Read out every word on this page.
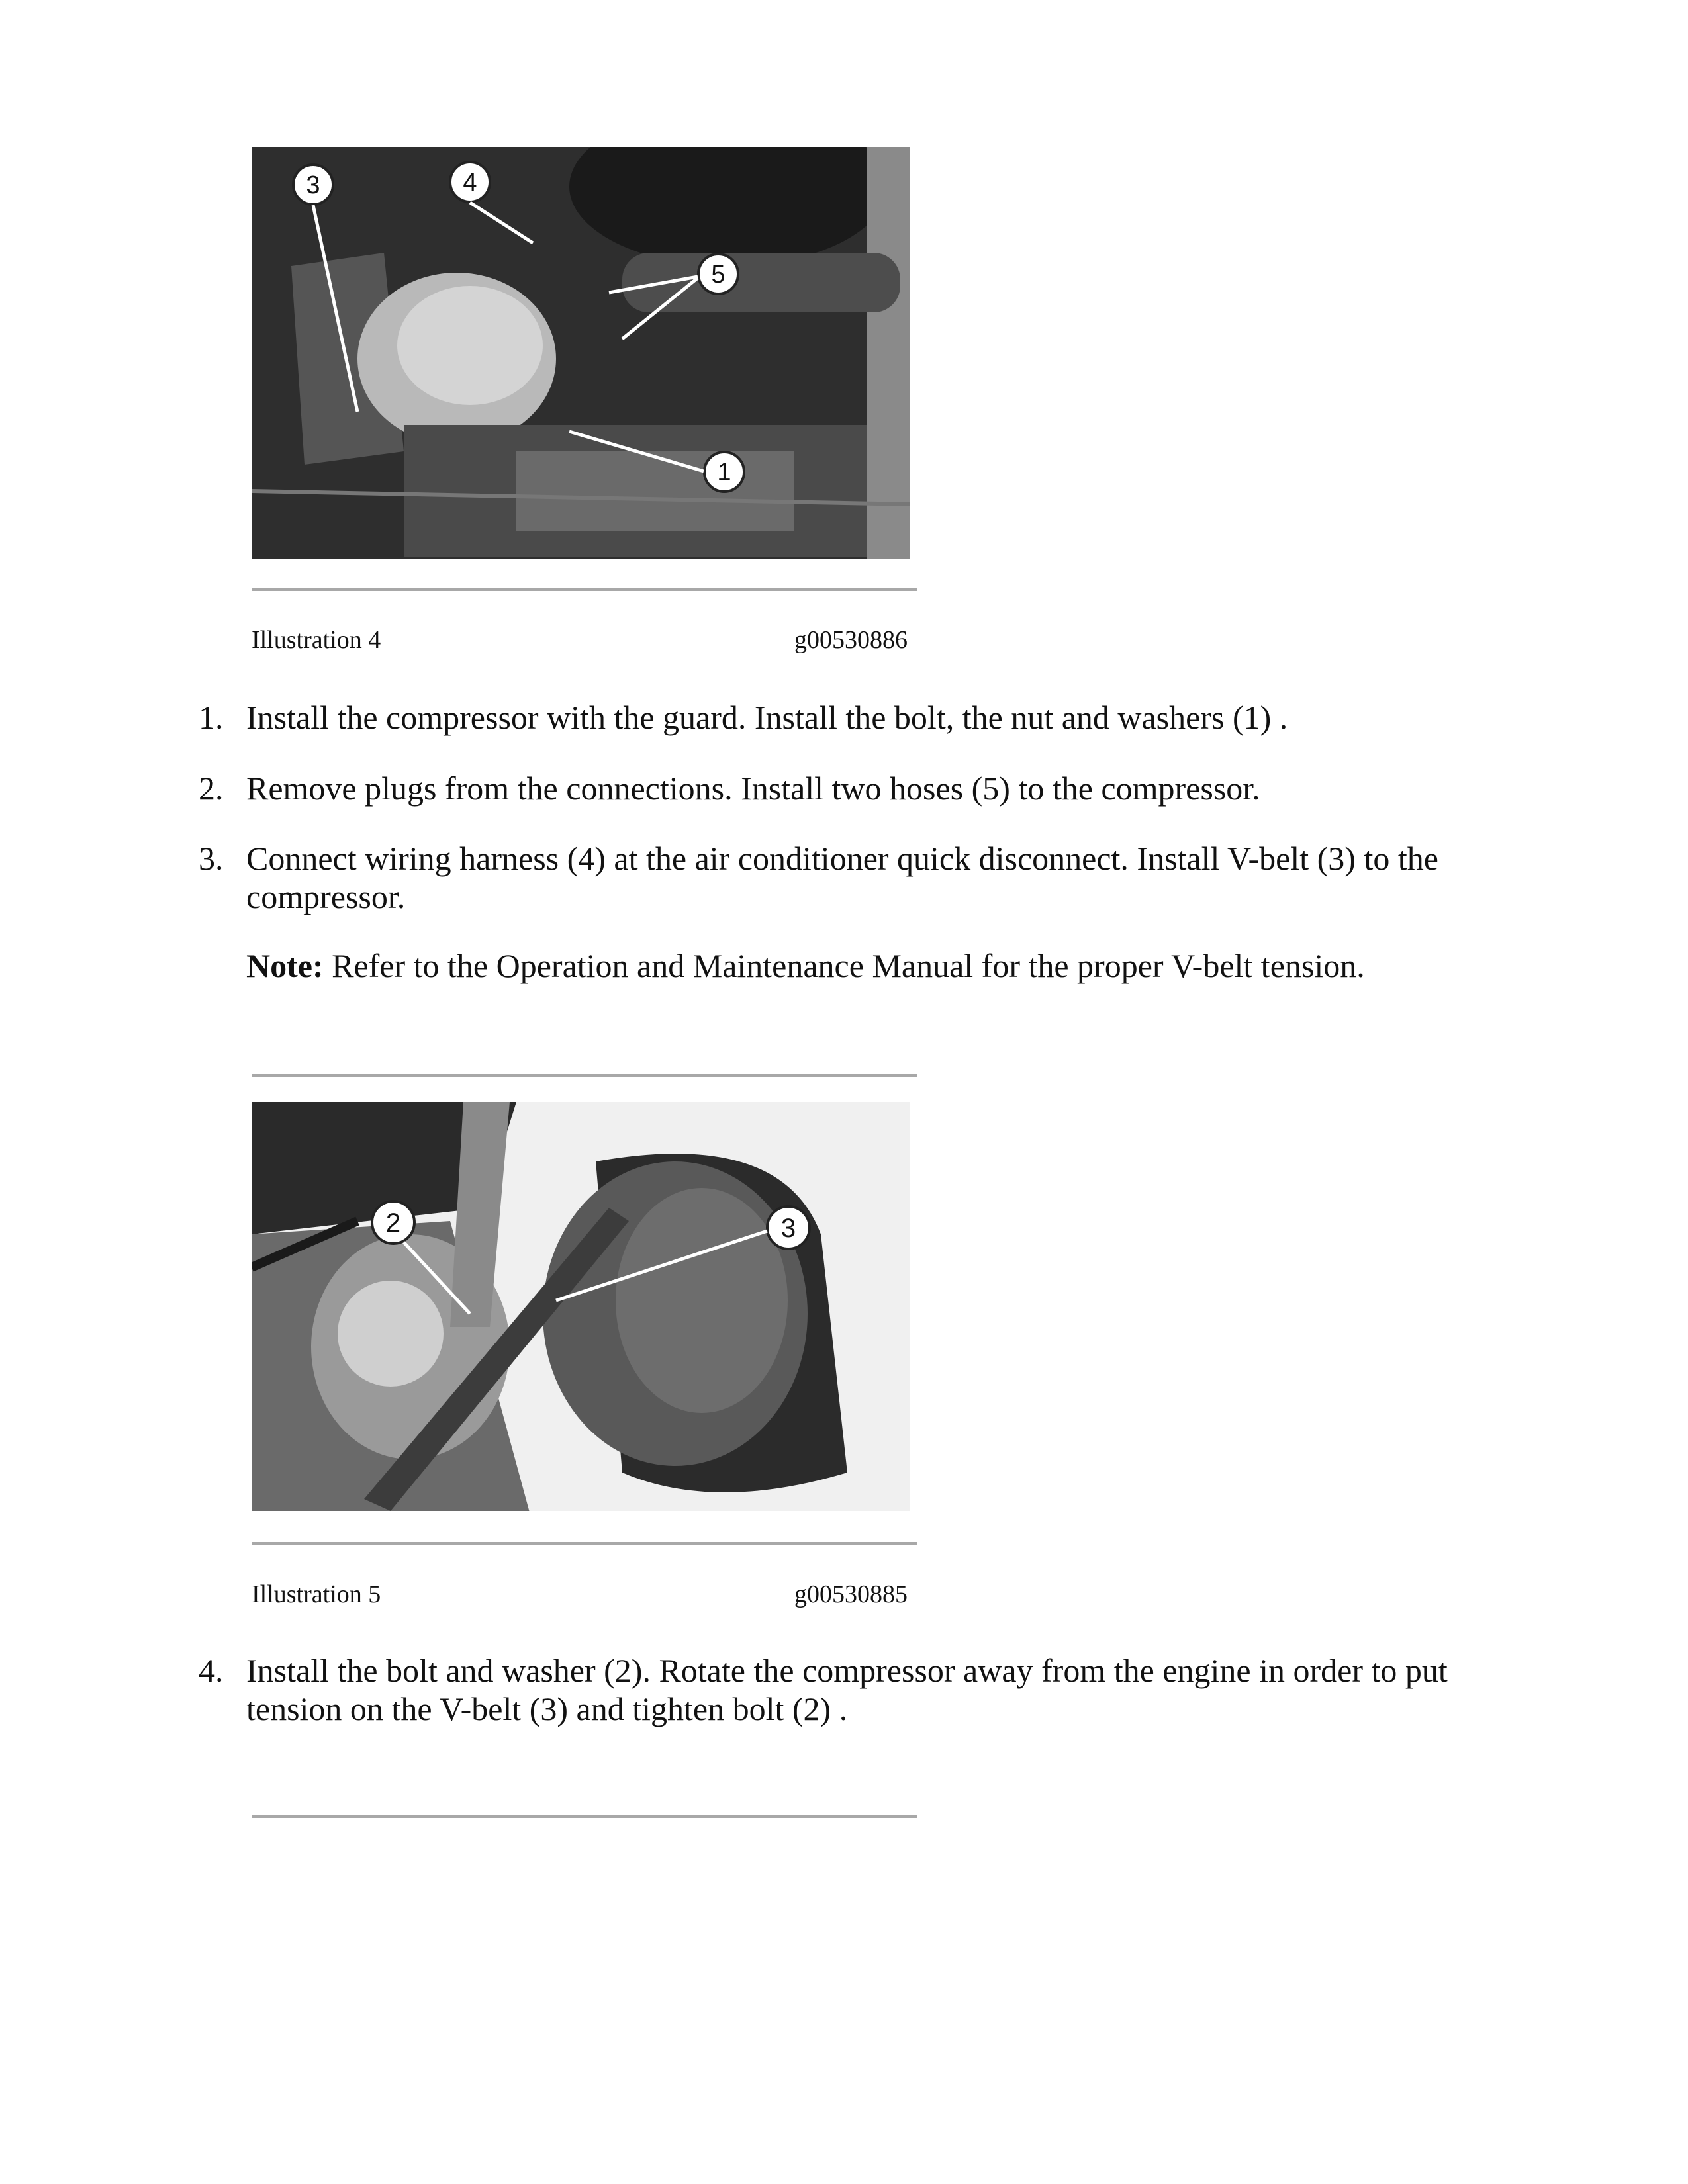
3	4
5
1
Illustration 4	g00530886
1. Install the compressor with the guard. Install the bolt, the nut and washers (1) .
2. Remove plugs from the connections. Install two hoses (5) to the compressor.
3. Connect wiring harness (4) at the air conditioner quick disconnect. Install V-belt (3) to the compressor.
Note: Refer to the Operation and Maintenance Manual for the proper V-belt tension.
2	3
Illustration 5	g00530885
4. Install the bolt and washer (2). Rotate the compressor away from the engine in order to put tension on the V-belt (3) and tighten bolt (2) .
